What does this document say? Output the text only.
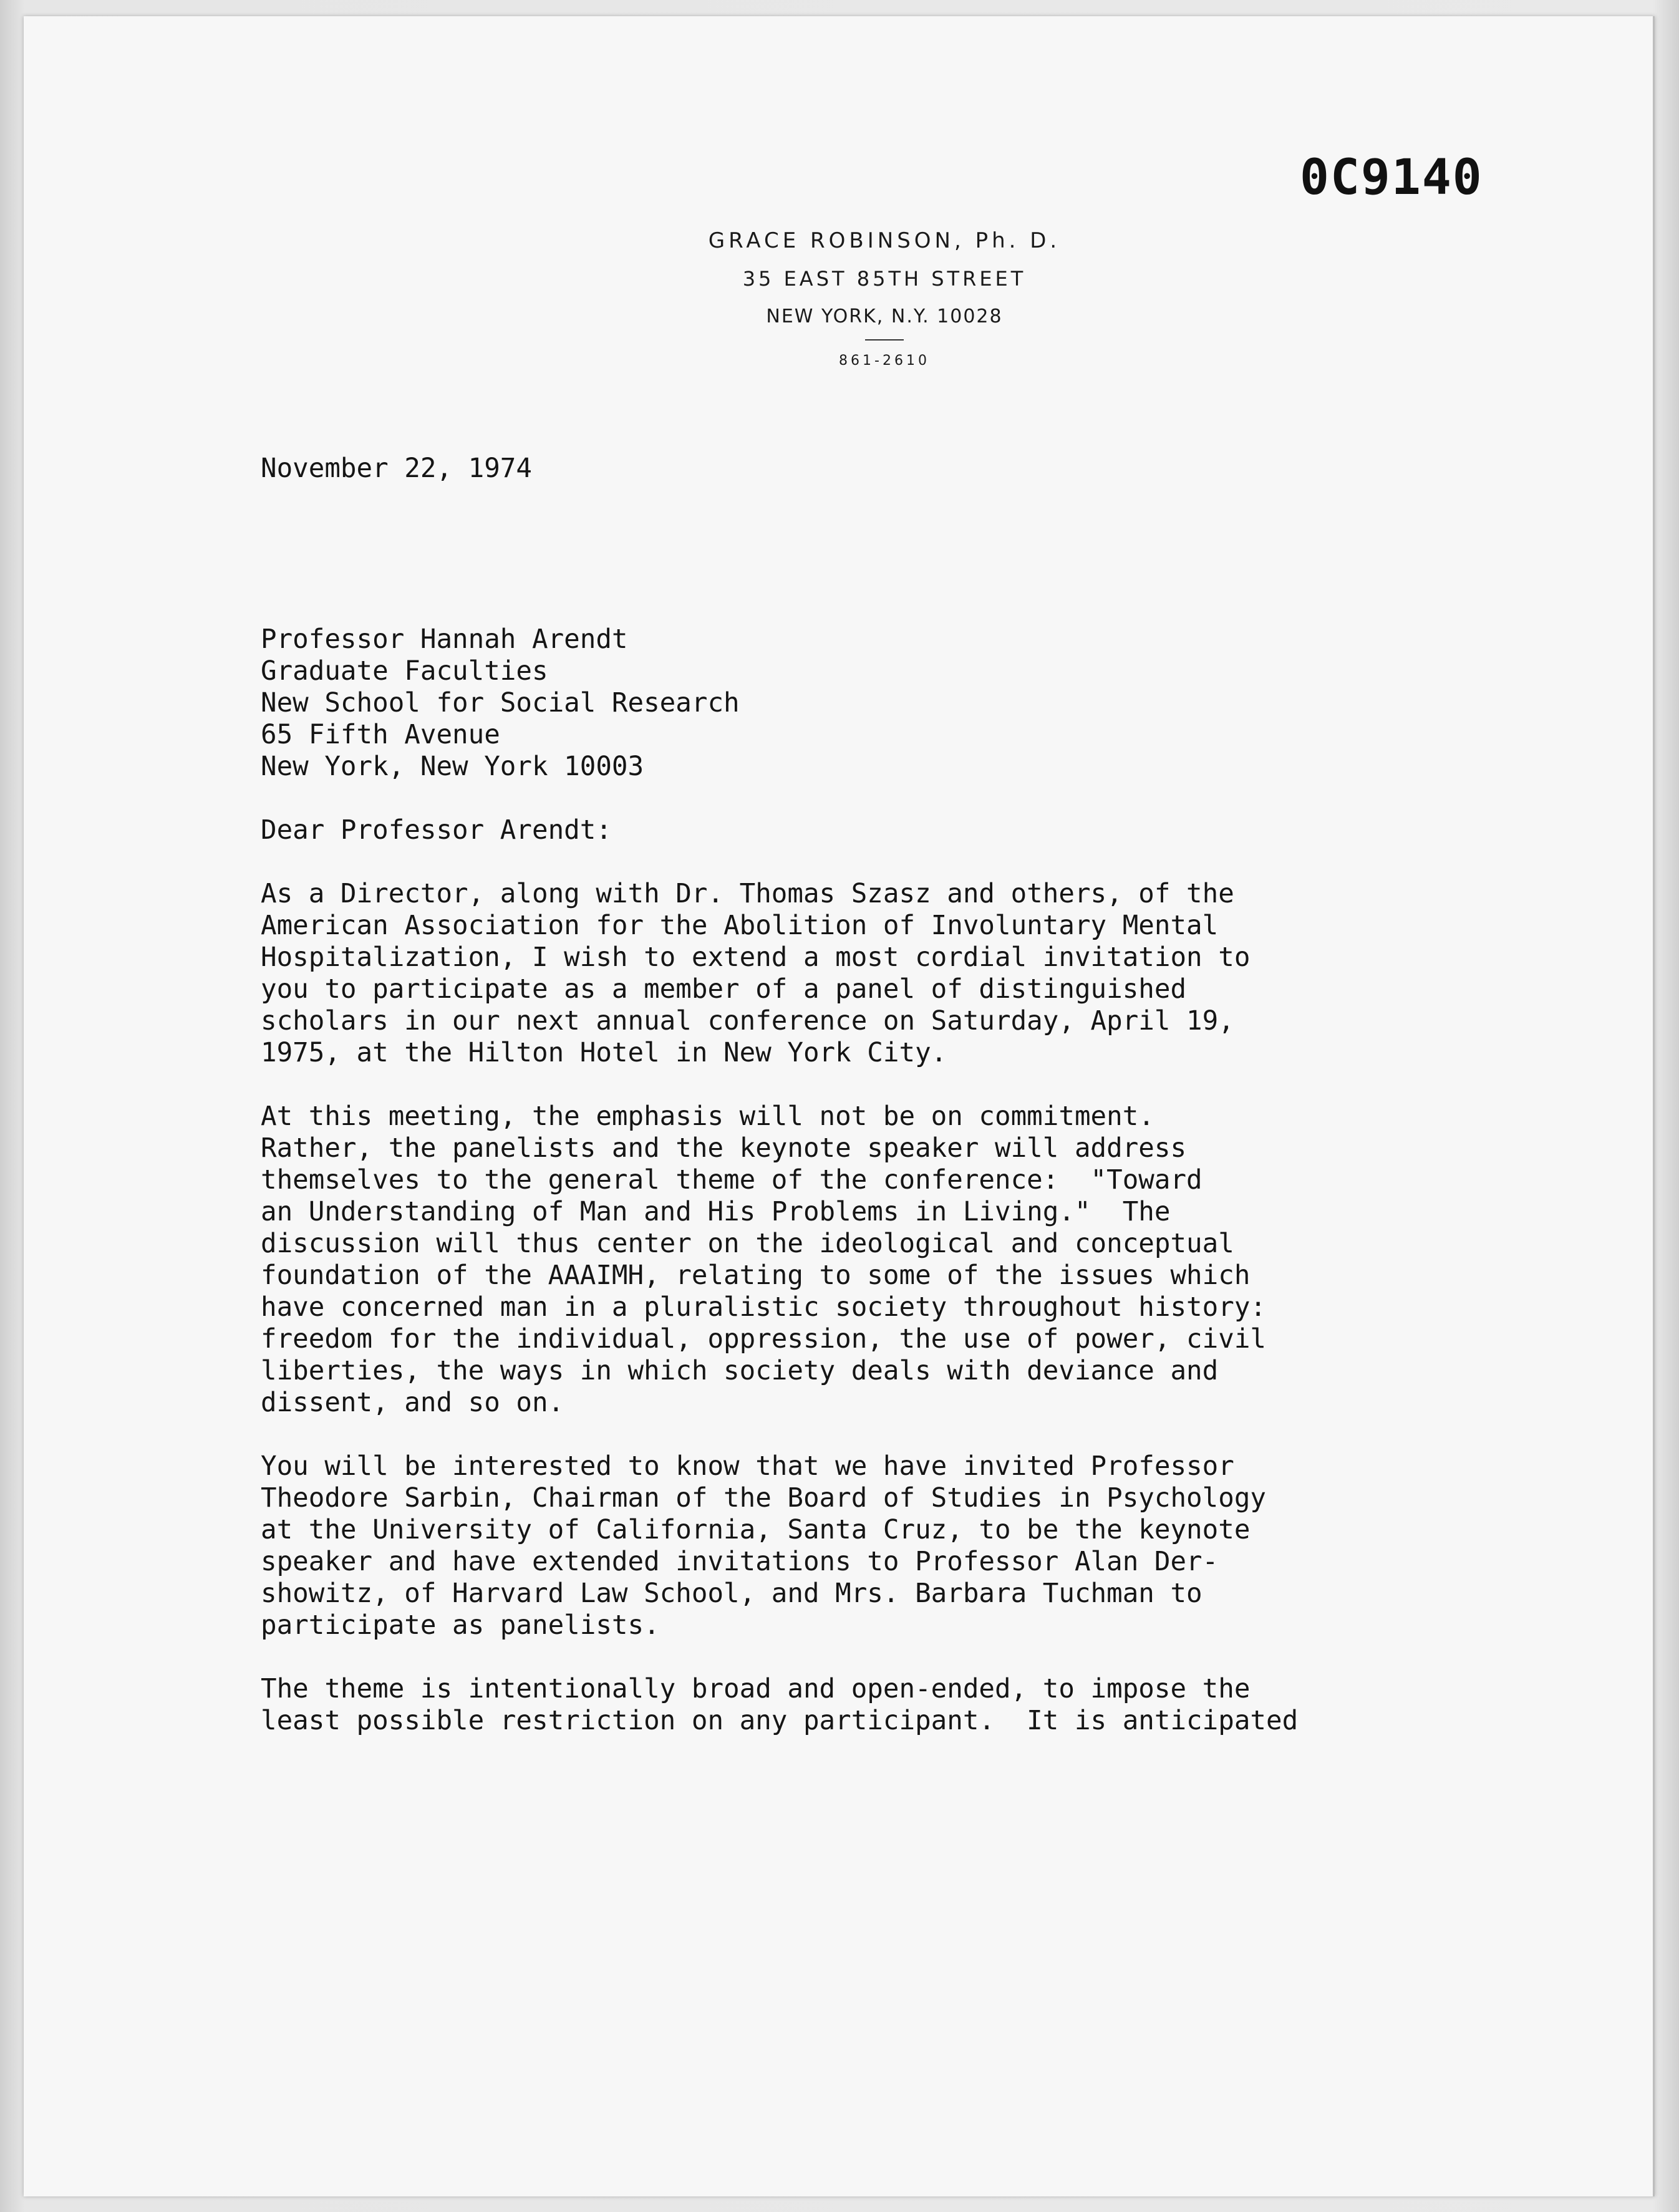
0C9140
GRACE ROBINSON, Ph. D.
35 EAST 85TH STREET
NEW YORK, N.Y. 10028
861-2610
November 22, 1974
Professor Hannah Arendt
Graduate Faculties
New School for Social Research
65 Fifth Avenue
New York, New York 10003
Dear Professor Arendt:
As a Director, along with Dr. Thomas Szasz and others, of the
American Association for the Abolition of Involuntary Mental
Hospitalization, I wish to extend a most cordial invitation to
you to participate as a member of a panel of distinguished
scholars in our next annual conference on Saturday, April 19,
1975, at the Hilton Hotel in New York City.
At this meeting, the emphasis will not be on commitment.
Rather, the panelists and the keynote speaker will address
themselves to the general theme of the conference:  "Toward
an Understanding of Man and His Problems in Living."  The
discussion will thus center on the ideological and conceptual
foundation of the AAAIMH, relating to some of the issues which
have concerned man in a pluralistic society throughout history:
freedom for the individual, oppression, the use of power, civil
liberties, the ways in which society deals with deviance and
dissent, and so on.
You will be interested to know that we have invited Professor
Theodore Sarbin, Chairman of the Board of Studies in Psychology
at the University of California, Santa Cruz, to be the keynote
speaker and have extended invitations to Professor Alan Der-
showitz, of Harvard Law School, and Mrs. Barbara Tuchman to
participate as panelists.
The theme is intentionally broad and open-ended, to impose the
least possible restriction on any participant.  It is anticipated
